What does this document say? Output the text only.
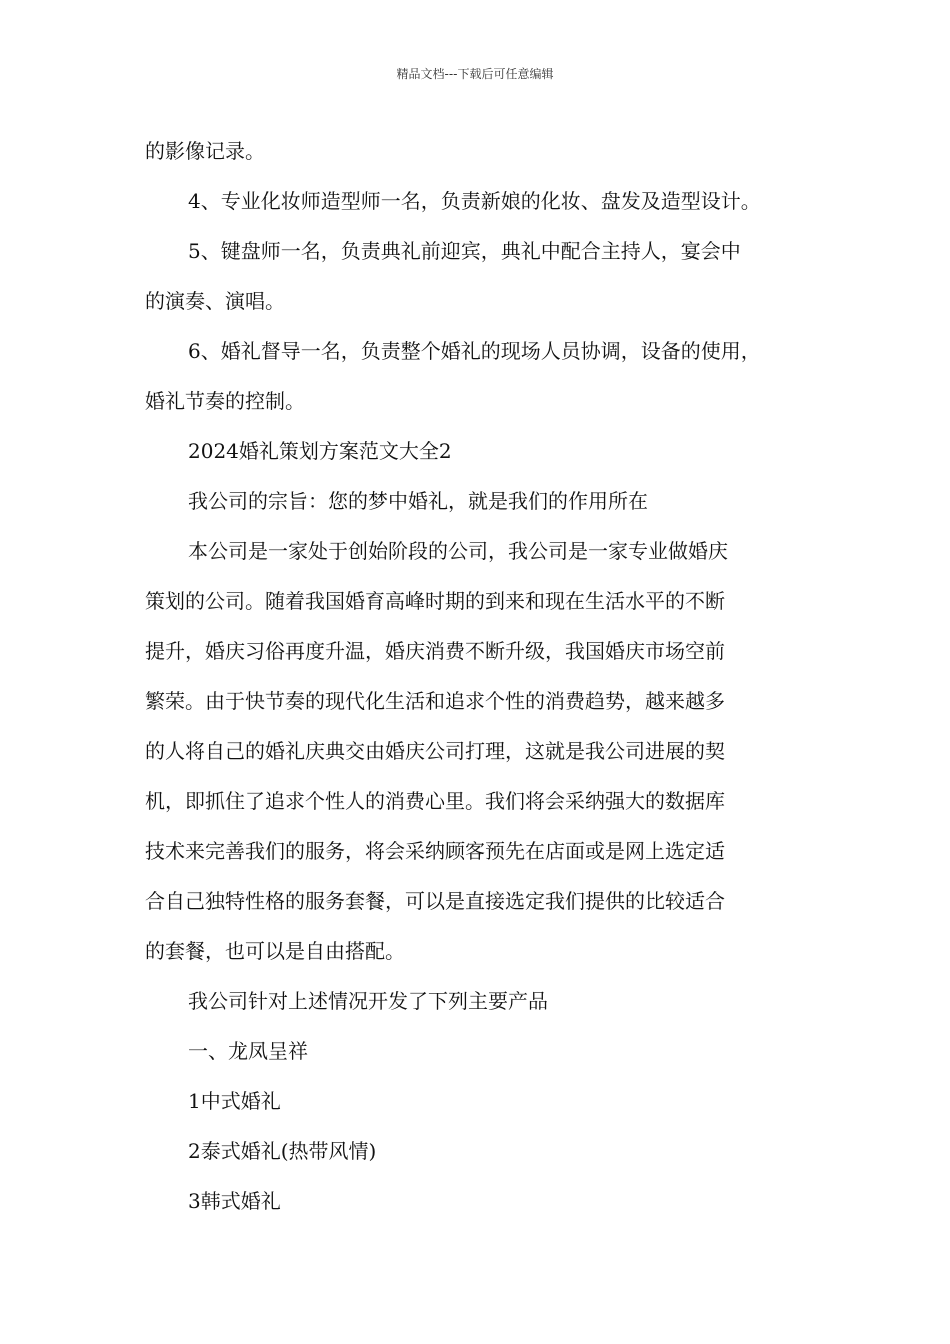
精品文档---下载后可任意编辑
的影像记录。
4、专业化妆师造型师一名，负责新娘的化妆、盘发及造型设计。
5、键盘师一名，负责典礼前迎宾，典礼中配合主持人，宴会中
的演奏、演唱。
6、婚礼督导一名，负责整个婚礼的现场人员协调，设备的使用，
婚礼节奏的控制。
2024婚礼策划方案范文大全2
我公司的宗旨：您的梦中婚礼，就是我们的作用所在
本公司是一家处于创始阶段的公司，我公司是一家专业做婚庆
策划的公司。随着我国婚育高峰时期的到来和现在生活水平的不断
提升，婚庆习俗再度升温，婚庆消费不断升级，我国婚庆市场空前
繁荣。由于快节奏的现代化生活和追求个性的消费趋势，越来越多
的人将自己的婚礼庆典交由婚庆公司打理，这就是我公司进展的契
机，即抓住了追求个性人的消费心里。我们将会采纳强大的数据库
技术来完善我们的服务，将会采纳顾客预先在店面或是网上选定适
合自己独特性格的服务套餐，可以是直接选定我们提供的比较适合
的套餐，也可以是自由搭配。
我公司针对上述情况开发了下列主要产品
一、龙凤呈祥
1中式婚礼
2泰式婚礼(热带风情)
3韩式婚礼
